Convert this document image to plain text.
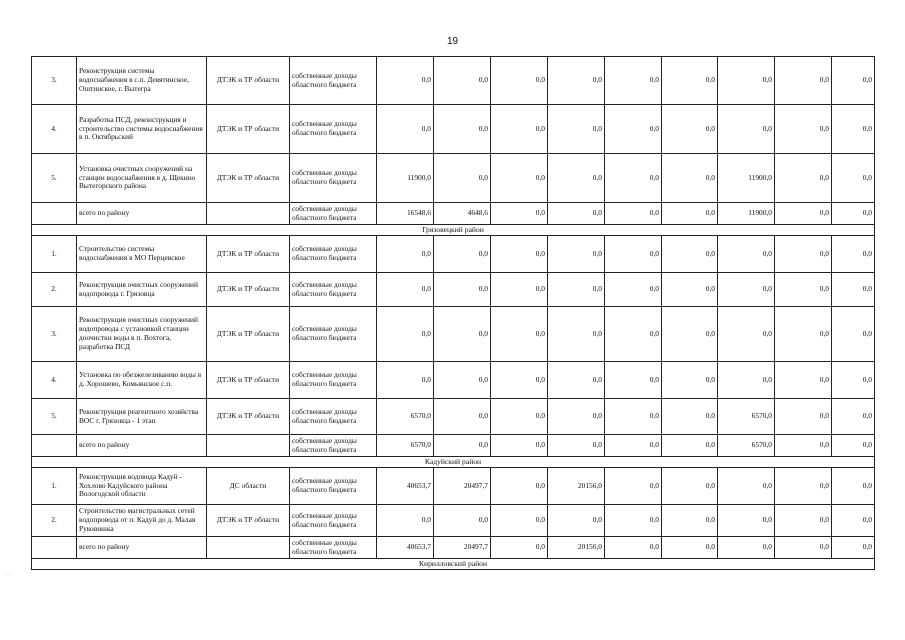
19
3.	Реконструкция системы водоснабжения в с.п. Девятинское, Оштинское, г. Вытегра	ДТЭК и ТР области	собственные доходы областного бюджета	0,0	0,0	0,0	0,0	0,0	0,0	0,0	0,0	0,0
4.	Разработка ПСД, реконструкция и строительство системы водоснабжения в п. Октябрьский	ДТЭК и ТР области	собственные доходы областного бюджета	0,0	0,0	0,0	0,0	0,0	0,0	0,0	0,0	0,0
5.	Установка очистных сооружений на станции водоснабжения в д. Щекино Вытегорского района	ДТЭК и ТР области	собственные доходы областного бюджета	11900,0	0,0	0,0	0,0	0,0	0,0	11900,0	0,0	0,0
	всего по району		собственные доходы областного бюджета	16548,6	4648,6	0,0	0,0	0,0	0,0	11900,0	0,0	0,0
Грязовецкий район												
1.	Строительство системы водоснабжения в МО Перцевское	ДТЭК и ТР области	собственные доходы областного бюджета	0,0	0,0	0,0	0,0	0,0	0,0	0,0	0,0	0,0
2.	Реконструкция очистных сооружений водопровода г. Грязовца	ДТЭК и ТР области	собственные доходы областного бюджета	0,0	0,0	0,0	0,0	0,0	0,0	0,0	0,0	0,0
3.	Реконструкция очистных сооружений водопровода с установкой станции доочистки воды в п. Вохтога, разработка ПСД	ДТЭК и ТР области	собственные доходы областного бюджета	0,0	0,0	0,0	0,0	0,0	0,0	0,0	0,0	0,0
4.	Установка по обезжелезиванию воды в д. Хорошево, Комьянское с.п.	ДТЭК и ТР области	собственные доходы областного бюджета	0,0	0,0	0,0	0,0	0,0	0,0	0,0	0,0	0,0
5.	Реконструкция реагентного хозяйства ВОС г. Грязовца - 1 этап	ДТЭК и ТР области	собственные доходы областного бюджета	6570,0	0,0	0,0	0,0	0,0	0,0	6570,0	0,0	0,0
	всего по району		собственные доходы областного бюджета	6570,0	0,0	0,0	0,0	0,0	0,0	6570,0	0,0	0,0
Кадуйский район												
1.	Реконструкция водовода Кадуй - Хохлово Кадуйского района Вологодской области	ДС области	собственные доходы областного бюджета	40653,7	20497,7	0,0	20156,0	0,0	0,0	0,0	0,0	0,0
2.	Строительство магистральных сетей водопровода от п. Кадуй до д. Малая Руковишка	ДТЭК и ТР области	собственные доходы областного бюджета	0,0	0,0	0,0	0,0	0,0	0,0	0,0	0,0	0,0
	всего по району		собственные доходы областного бюджета	40653,7	20497,7	0,0	20156,0	0,0	0,0	0,0	0,0	0,0
Кирилловский район												
·
